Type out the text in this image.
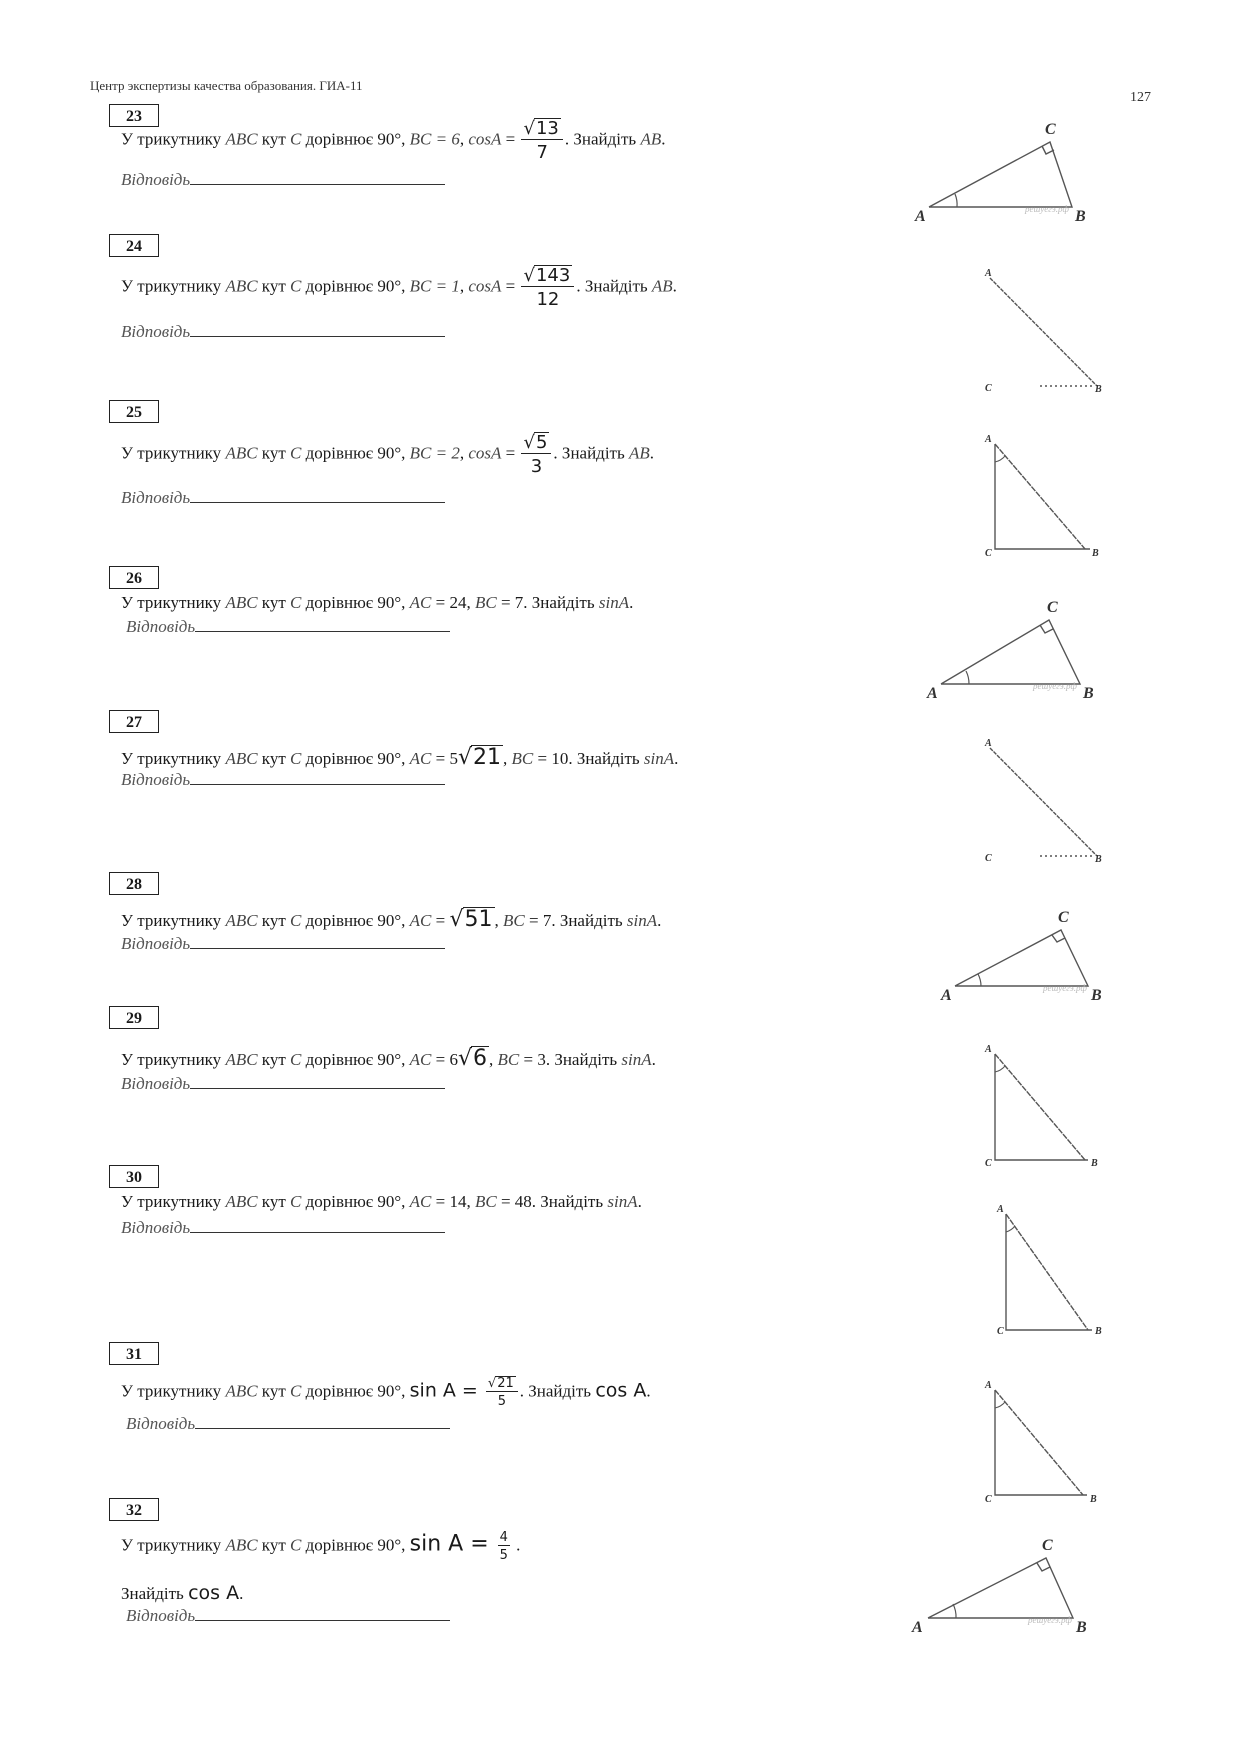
Центр экспертизы качества образования. ГИА-11
127
23
У трикутнику ABC кут C дорівнює 90°, BC = 6, $\cos A = \frac{√13}{7}$ . Знайдіть AB.
Відповідь
24
У трикутнику ABC кут C дорівнює 90°, BC = 1, $\cos A = \frac{√143}{12}$ . Знайдіть AB.
Відповідь
25
У трикутнику ABC кут C дорівнює 90°, BC = 2, $\cos A = \frac{√5}{3}$ . Знайдіть AB.
Відповідь
26
У трикутнику ABC кут C дорівнює 90°, AC = 24, BC = 7. Знайдіть sinA.
Відповідь
27
У трикутнику ABC кут C дорівнює 90°, AC = 5√21 , BC = 10. Знайдіть sinA.
Відповідь
28
У трикутнику ABC кут C дорівнює 90°, AC = √51 , BC = 7. Знайдіть sinA.
Відповідь
29
У трикутнику ABC кут C дорівнює 90°, AC = 6√6 , BC = 3. Знайдіть sinA.
Відповідь
30
У трикутнику ABC кут C дорівнює 90°, AC = 14, BC = 48. Знайдіть sinA.
Відповідь
31
У трикутнику ABC кут C дорівнює 90°, $\sin A = \frac{√21}{5}$ . Знайдіть cos A.
Відповідь
32
У трикутнику ABC кут C дорівнює 90°, $\sin A = \frac{4}{5}$ .
Знайдіть cos A.
Відповідь
A	B
C
решуегэ.рф
A
C	B
A
C	B
A	B
C
решуегэ.рф
A
C	B
A	B
C
решуегэ.рф
A
C	B
A
C	B
A
C	B
A	B
C
решуегэ.рф
